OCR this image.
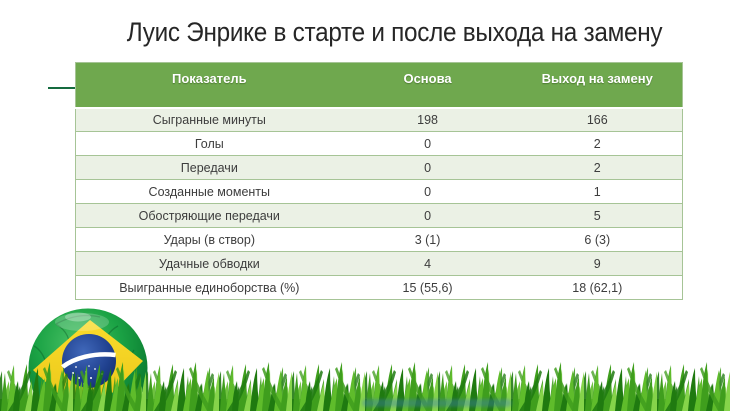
Луис Энрике в старте и после выхода на замену
Показатель	Основа	Выход на замену
Сыгранные минуты	198	166
Голы	0	2
Передачи	0	2
Созданные моменты	0	1
Обостряющие передачи	0	5
Удары (в створ)	3 (1)	6 (3)
Удачные обводки	4	9
Выигранные единоборства (%)	15 (55,6)	18 (62,1)
